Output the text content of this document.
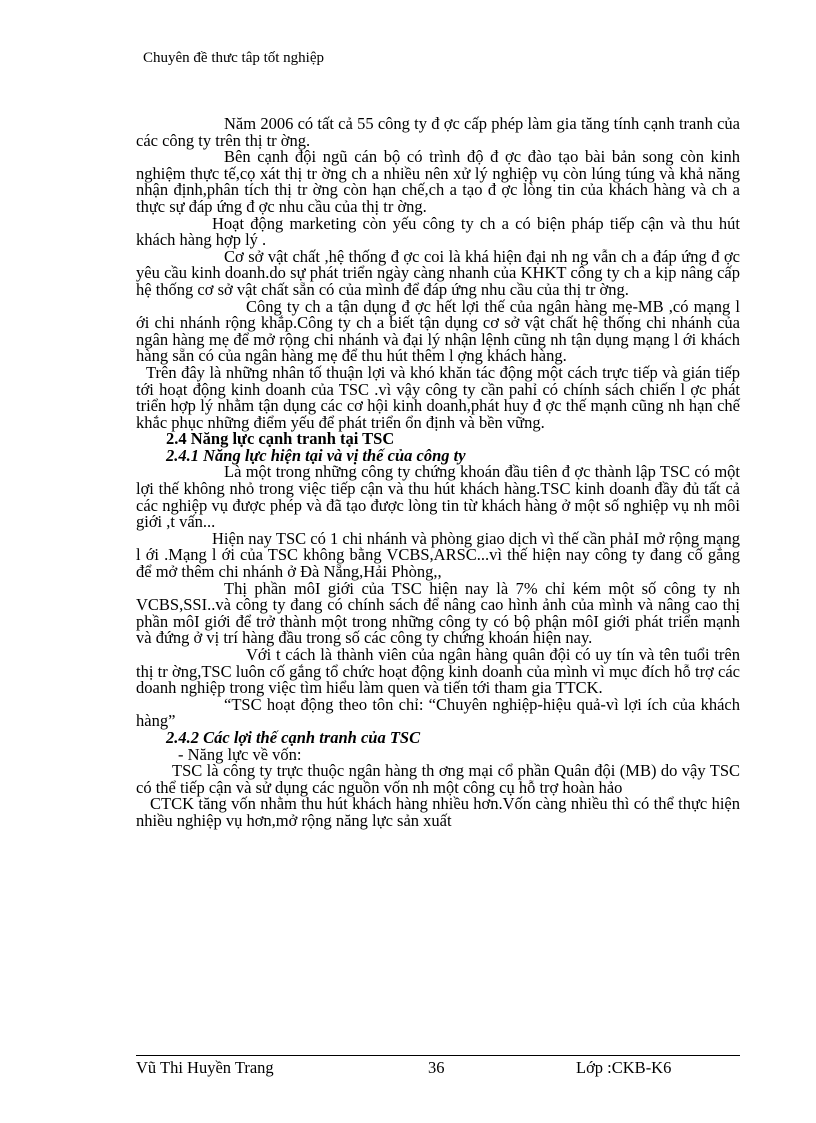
Chuyên đề thưc tâp tốt nghiệp

Năm 2006 có tất cả 55 công ty đ ợc cấp phép làm gia tăng tính cạnh tranh của các công ty trên thị tr ờng.

Bên cạnh đội ngũ cán bộ có trình độ đ ợc đào tạo bài bản song còn kinh nghiệm thực tế,cọ xát thị tr ờng ch a nhiều nên xử lý nghiệp vụ còn lúng túng và khả năng nhận định,phân tích thị tr ờng còn hạn chế,ch a tạo đ ợc lòng tin của khách hàng và ch a thực sự đáp ứng đ ợc nhu cầu của thị tr ờng.

Hoạt động marketing còn yếu công ty ch a có biện pháp tiếp cận và thu hút khách hàng hợp lý .

Cơ sở vật chất ,hệ thống đ ợc coi là khá hiện đại nh ng vẫn ch a đáp ứng đ ợc yêu cầu kinh doanh.do sự phát triển ngày càng nhanh của KHKT công ty ch a kịp nâng cấp hệ thống cơ sở vật chất sẵn có của mình để đáp ứng nhu cầu của thị tr ờng.

Công ty ch a tận dụng đ ợc hết lợi thế của ngân hàng mẹ-MB ,có mạng l ới chi nhánh rộng khắp.Công ty ch a biết tận dụng cơ sở vật chất hệ thống chi nhánh của ngân hàng mẹ để mở rộng chi nhánh và đại lý nhận lệnh cũng nh tận dụng mạng l ới khách hàng sẵn có của ngân hàng mẹ để thu hút thêm l ợng khách hàng.

Trên đây là những nhân tố thuận lợi và khó khăn tác động một cách trực tiếp và gián tiếp tới hoạt động kinh doanh của TSC .vì vậy công ty cần pahỉ có chính sách chiến l ợc phát triển hợp lý nhằm tận dụng các cơ hội kinh doanh,phát huy đ ợc thế mạnh cũng nh hạn chế khắc phục những điểm yếu để phát triển ổn định và bền vững.

2.4 Năng lực cạnh tranh tại TSC

2.4.1 Năng lực hiện tại và vị thế của công ty

Là một trong những công ty chứng khoán đầu tiên đ ợc thành lập TSC có một lợi thế không nhỏ trong việc tiếp cận và thu hút khách hàng.TSC kinh doanh đầy đủ tất cả các nghiệp vụ được phép và đã tạo được lòng tin từ khách hàng ở một số nghiệp vụ nh môi giới ,t vấn...

Hiện nay TSC có 1 chi nhánh và phòng giao dịch vì thế cần phảI mở rộng mạng l ới .Mạng l ới của TSC không bằng VCBS,ARSC...vì thế hiện nay công ty đang cố gắng để mở thêm chi nhánh ở Đà Nẵng,Hải Phòng,,

Thị phần môI giới của TSC hiện nay là 7% chỉ kém một số công ty nh VCBS,SSI..và công ty đang có chính sách để nâng cao hình ảnh của mình và nâng cao thị phần môI giới để trở thành một trong những công ty có bộ phận môI giới phát triển mạnh và đứng ở vị trí hàng đầu trong số các công ty chứng khoán hiện nay.

Với t cách là thành viên của ngân hàng quân đội có uy tín và tên tuổi trên thị tr ờng,TSC luôn cố gắng tổ chức hoạt động kinh doanh của mình vì mục đích hỗ trợ các doanh nghiệp trong việc tìm hiểu làm quen và tiến tới tham gia TTCK.

“TSC hoạt động theo tôn chỉ: “Chuyên nghiệp-hiệu quả-vì lợi ích của khách hàng”

2.4.2 Các lợi thế cạnh tranh của TSC

- Năng lực về vốn:

TSC là công ty trực thuộc ngân hàng th ơng mại cổ phần Quân đội (MB) do vậy TSC có thể tiếp cận và sử dụng các nguồn vốn nh một công cụ hỗ trợ hoàn hảo

CTCK tăng vốn nhằm thu hút khách hàng nhiều hơn.Vốn càng nhiều thì có thể thực hiện nhiều nghiệp vụ hơn,mở rộng năng lực sản xuất

Vũ Thi Huyền Trang	36	Lớp :CKB-K6
